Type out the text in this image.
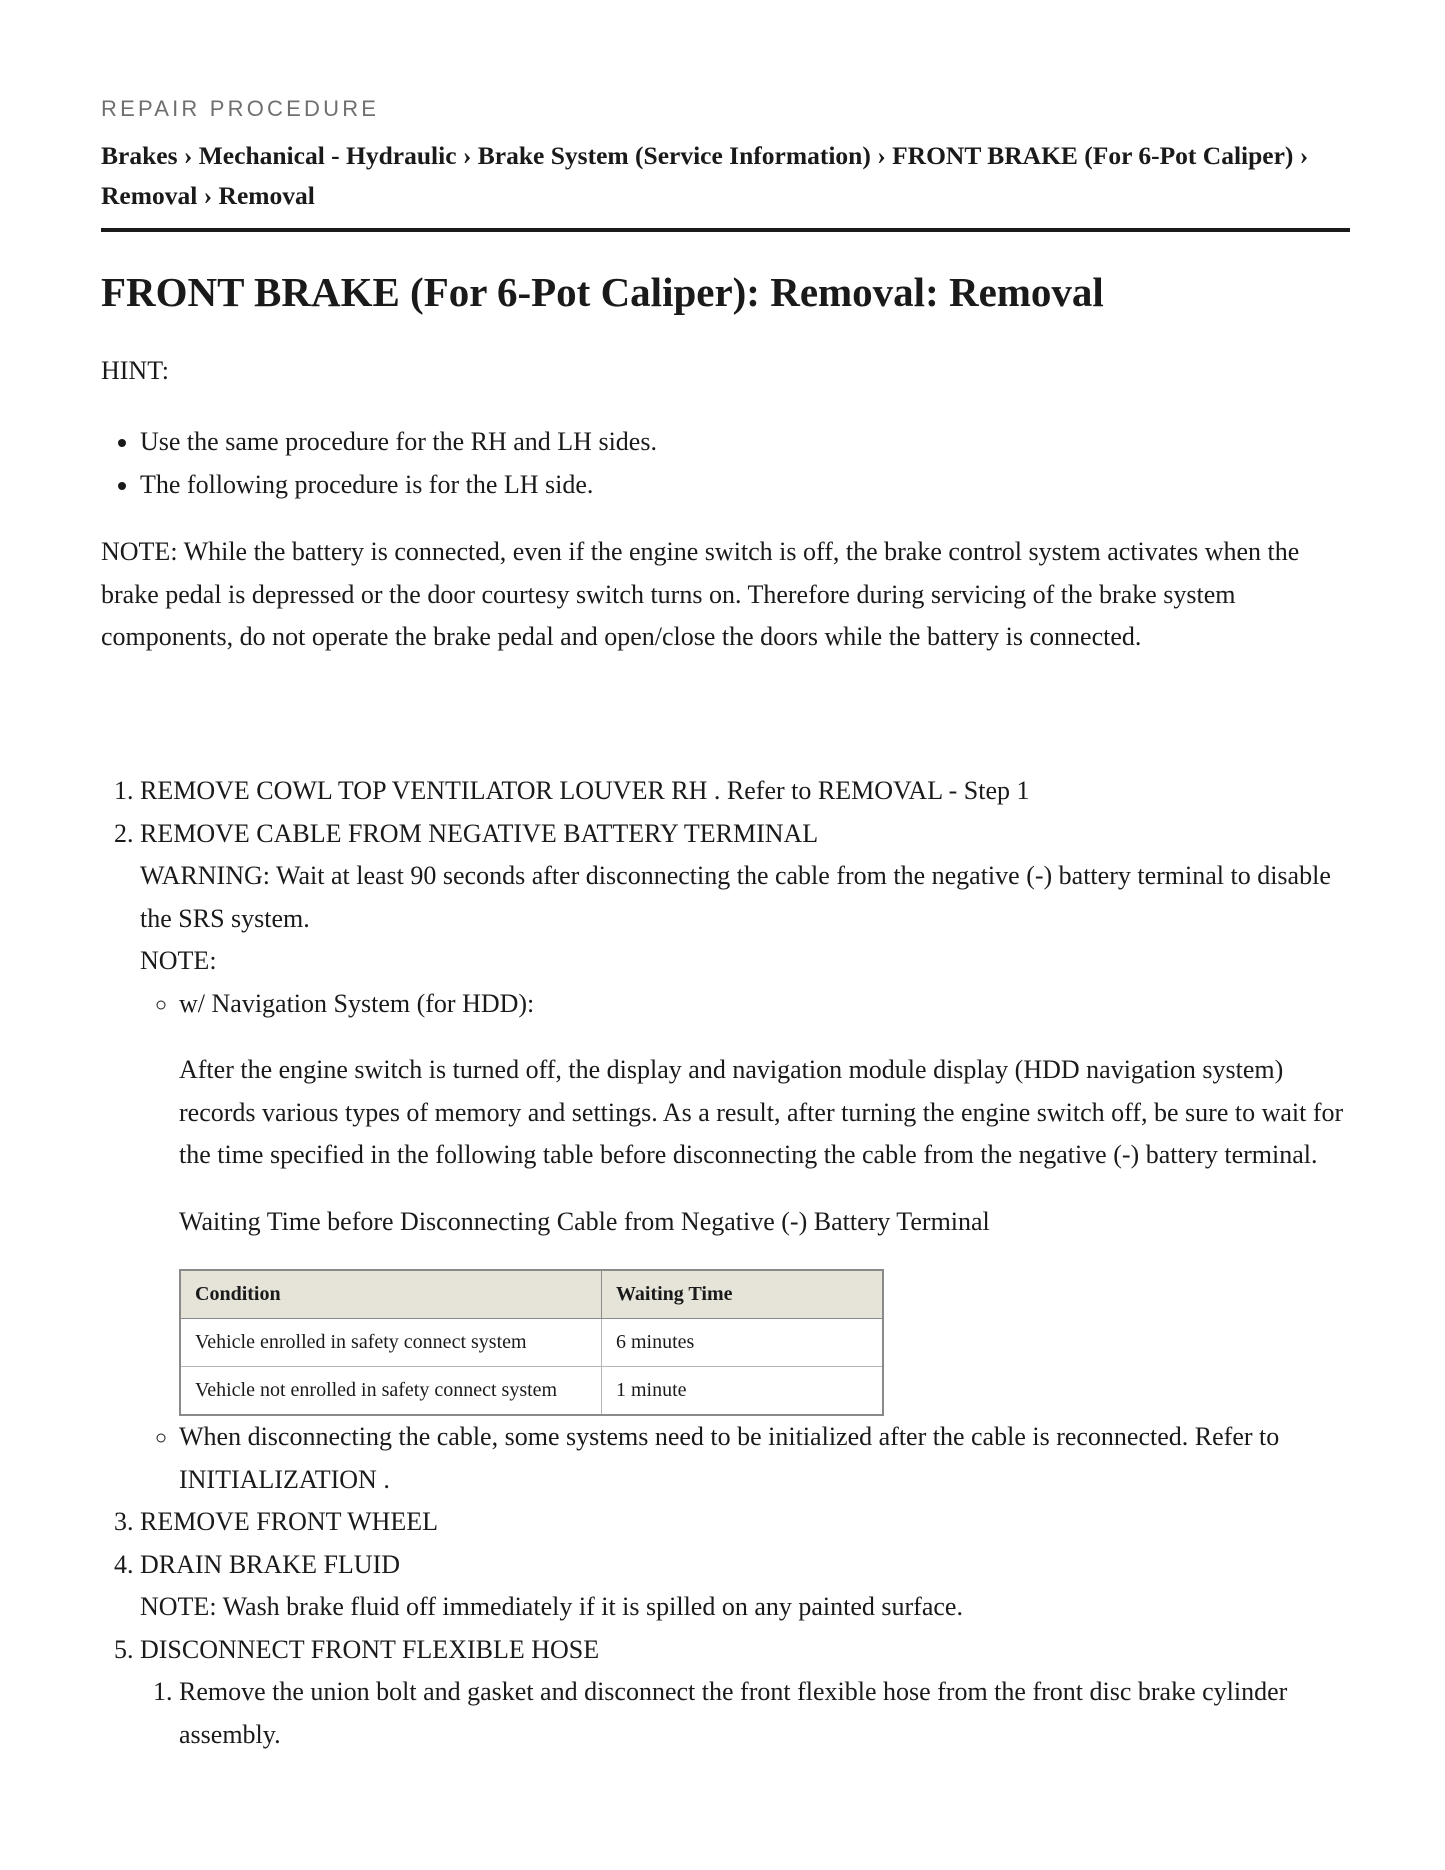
REPAIR PROCEDURE
Brakes › Mechanical - Hydraulic › Brake System (Service Information) › FRONT BRAKE (For 6-Pot Caliper) ›
Removal › Removal
FRONT BRAKE (For 6-Pot Caliper): Removal: Removal
HINT:
• Use the same procedure for the RH and LH sides.
• The following procedure is for the LH side.
NOTE: While the battery is connected, even if the engine switch is off, the brake control system activates when the brake pedal is depressed or the door courtesy switch turns on. Therefore during servicing of the brake system components, do not operate the brake pedal and open/close the doors while the battery is connected.
1. REMOVE COWL TOP VENTILATOR LOUVER RH . Refer to REMOVAL - Step 1
2. REMOVE CABLE FROM NEGATIVE BATTERY TERMINAL
WARNING: Wait at least 90 seconds after disconnecting the cable from the negative (-) battery terminal to disable the SRS system.
NOTE:
◦ w/ Navigation System (for HDD):

After the engine switch is turned off, the display and navigation module display (HDD navigation system) records various types of memory and settings. As a result, after turning the engine switch off, be sure to wait for the time specified in the following table before disconnecting the cable from the negative (-) battery terminal.

Waiting Time before Disconnecting Cable from Negative (-) Battery Terminal

Condition	Waiting Time
Vehicle enrolled in safety connect system	6 minutes
Vehicle not enrolled in safety connect system	1 minute
◦ When disconnecting the cable, some systems need to be initialized after the cable is reconnected. Refer to INITIALIZATION .
3. REMOVE FRONT WHEEL
4. DRAIN BRAKE FLUID
NOTE: Wash brake fluid off immediately if it is spilled on any painted surface.
5. DISCONNECT FRONT FLEXIBLE HOSE
1. Remove the union bolt and gasket and disconnect the front flexible hose from the front disc brake cylinder assembly.
